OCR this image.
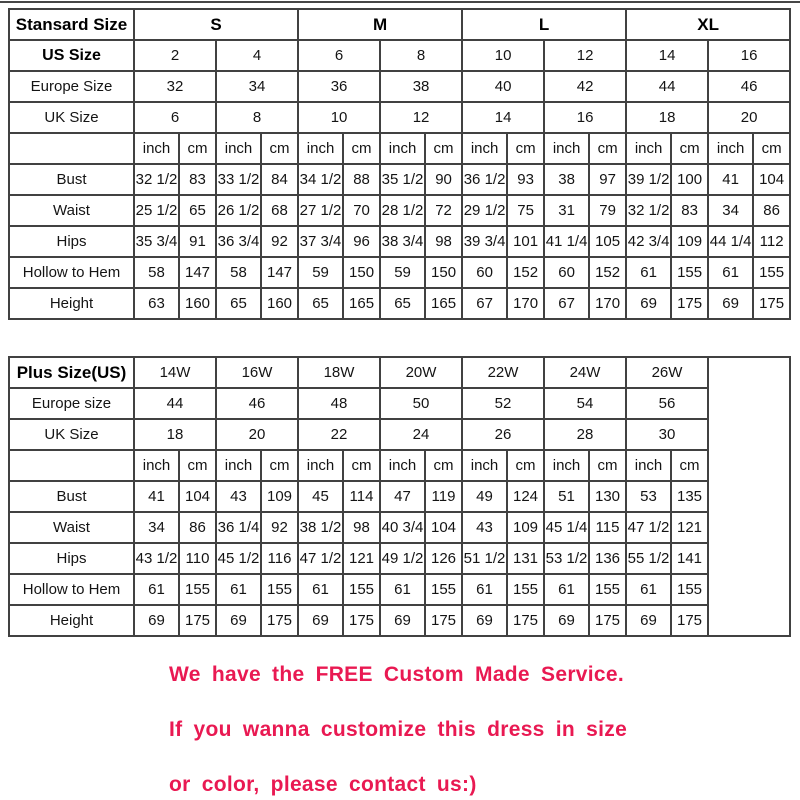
Stansard Size	S				M				L				XL			
US Size	2		4		6		8		10		12		14		16	
Europe Size	32		34		36		38		40		42		44		46	
UK Size	6		8		10		12		14		16		18		20	
	inch	cm	inch	cm	inch	cm	inch	cm	inch	cm	inch	cm	inch	cm	inch	cm
Bust	32 1/2	83	33 1/2	84	34 1/2	88	35 1/2	90	36 1/2	93	38	97	39 1/2	100	41	104
Waist	25 1/2	65	26 1/2	68	27 1/2	70	28 1/2	72	29 1/2	75	31	79	32 1/2	83	34	86
Hips	35 3/4	91	36 3/4	92	37 3/4	96	38 3/4	98	39 3/4	101	41 1/4	105	42 3/4	109	44 1/4	112
Hollow to Hem	58	147	58	147	59	150	59	150	60	152	60	152	61	155	61	155
Height	63	160	65	160	65	165	65	165	67	170	67	170	69	175	69	175
Plus Size(US)	14W		16W		18W		20W		22W		24W		26W		
Europe size	44		46		48		50		52		54		56		
UK Size	18		20		22		24		26		28		30		
	inch	cm	inch	cm	inch	cm	inch	cm	inch	cm	inch	cm	inch	cm	
Bust	41	104	43	109	45	114	47	119	49	124	51	130	53	135	
Waist	34	86	36 1/4	92	38 1/2	98	40 3/4	104	43	109	45 1/4	115	47 1/2	121	
Hips	43 1/2	110	45 1/2	116	47 1/2	121	49 1/2	126	51 1/2	131	53 1/2	136	55 1/2	141	
Hollow to Hem	61	155	61	155	61	155	61	155	61	155	61	155	61	155	
Height	69	175	69	175	69	175	69	175	69	175	69	175	69	175	

We have the FREE Custom Made Service.

If you wanna customize this dress in size

or color, please contact us:)
